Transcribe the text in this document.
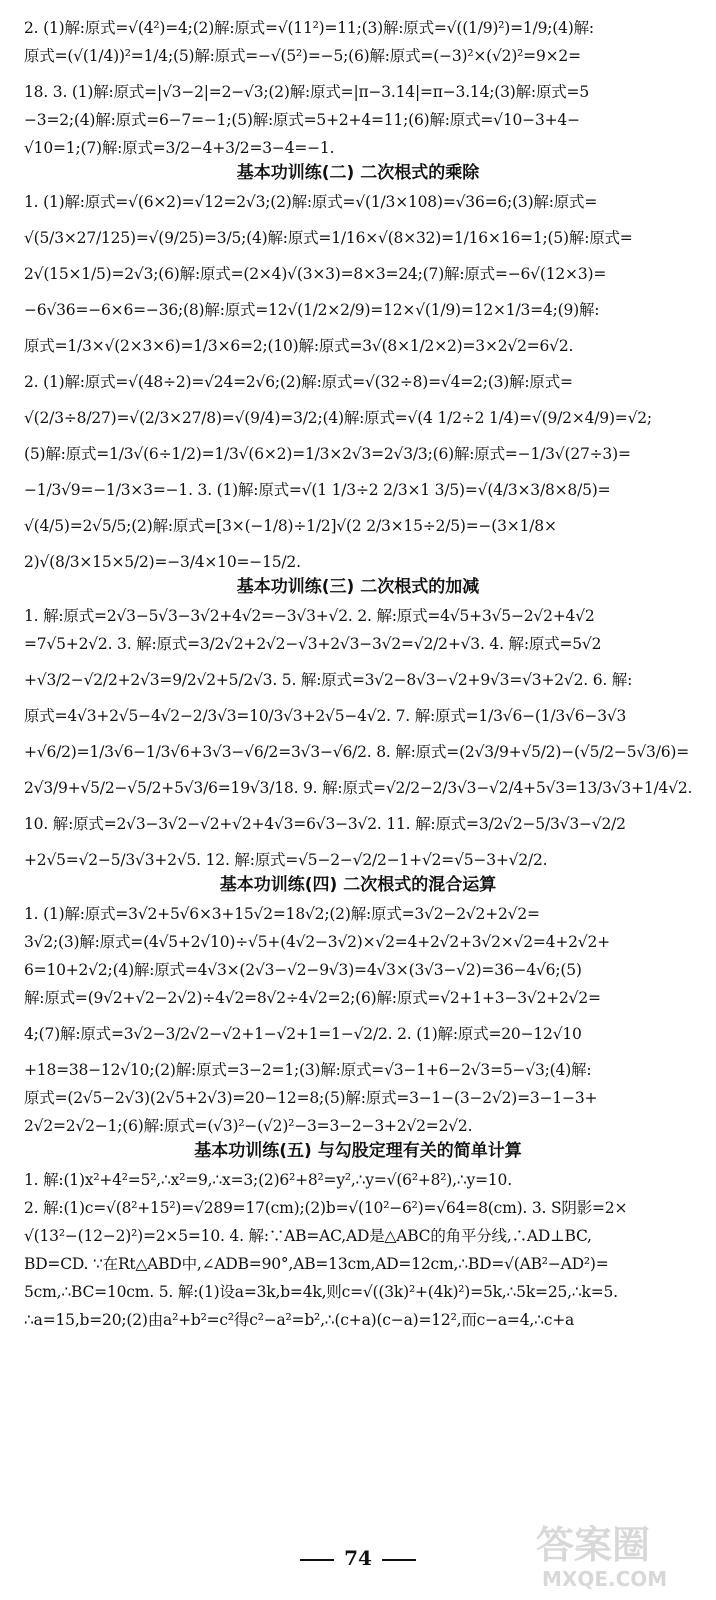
2. (1)解:原式=√(4²)=4;(2)解:原式=√(11²)=11;(3)解:原式=√((1/9)²)=1/9;(4)解:

原式=(√(1/4))²=1/4;(5)解:原式=−√(5²)=−5;(6)解:原式=(−3)²×(√2)²=9×2=

18. 3. (1)解:原式=|√3−2|=2−√3;(2)解:原式=|π−3.14|=π−3.14;(3)解:原式=5

−3=2;(4)解:原式=6−7=−1;(5)解:原式=5+2+4=11;(6)解:原式=√10−3+4−

√10=1;(7)解:原式=3/2−4+3/2=3−4=−1.

基本功训练(二) 二次根式的乘除

1. (1)解:原式=√(6×2)=√12=2√3;(2)解:原式=√(1/3×108)=√36=6;(3)解:原式=

√(5/3×27/125)=√(9/25)=3/5;(4)解:原式=1/16×√(8×32)=1/16×16=1;(5)解:原式=

2√(15×1/5)=2√3;(6)解:原式=(2×4)√(3×3)=8×3=24;(7)解:原式=−6√(12×3)=

−6√36=−6×6=−36;(8)解:原式=12√(1/2×2/9)=12×√(1/9)=12×1/3=4;(9)解:

原式=1/3×√(2×3×6)=1/3×6=2;(10)解:原式=3√(8×1/2×2)=3×2√2=6√2.

2. (1)解:原式=√(48÷2)=√24=2√6;(2)解:原式=√(32÷8)=√4=2;(3)解:原式=

√(2/3÷8/27)=√(2/3×27/8)=√(9/4)=3/2;(4)解:原式=√(4 1/2÷2 1/4)=√(9/2×4/9)=√2;

(5)解:原式=1/3√(6÷1/2)=1/3√(6×2)=1/3×2√3=2√3/3;(6)解:原式=−1/3√(27÷3)=

−1/3√9=−1/3×3=−1. 3. (1)解:原式=√(1 1/3÷2 2/3×1 3/5)=√(4/3×3/8×8/5)=

√(4/5)=2√5/5;(2)解:原式=[3×(−1/8)÷1/2]√(2 2/3×15÷2/5)=−(3×1/8×

2)√(8/3×15×5/2)=−3/4×10=−15/2.

基本功训练(三) 二次根式的加减

1. 解:原式=2√3−5√3−3√2+4√2=−3√3+√2. 2. 解:原式=4√5+3√5−2√2+4√2

=7√5+2√2. 3. 解:原式=3/2√2+2√2−√3+2√3−3√2=√2/2+√3. 4. 解:原式=5√2

+√3/2−√2/2+2√3=9/2√2+5/2√3. 5. 解:原式=3√2−8√3−√2+9√3=√3+2√2. 6. 解:

原式=4√3+2√5−4√2−2/3√3=10/3√3+2√5−4√2. 7. 解:原式=1/3√6−(1/3√6−3√3

+√6/2)=1/3√6−1/3√6+3√3−√6/2=3√3−√6/2. 8. 解:原式=(2√3/9+√5/2)−(√5/2−5√3/6)=

2√3/9+√5/2−√5/2+5√3/6=19√3/18. 9. 解:原式=√2/2−2/3√3−√2/4+5√3=13/3√3+1/4√2.

10. 解:原式=2√3−3√2−√2+√2+4√3=6√3−3√2. 11. 解:原式=3/2√2−5/3√3−√2/2

+2√5=√2−5/3√3+2√5. 12. 解:原式=√5−2−√2/2−1+√2=√5−3+√2/2.

基本功训练(四) 二次根式的混合运算

1. (1)解:原式=3√2+5√6×3+15√2=18√2;(2)解:原式=3√2−2√2+2√2=

3√2;(3)解:原式=(4√5+2√10)÷√5+(4√2−3√2)×√2=4+2√2+3√2×√2=4+2√2+

6=10+2√2;(4)解:原式=4√3×(2√3−√2−9√3)=4√3×(3√3−√2)=36−4√6;(5)

解:原式=(9√2+√2−2√2)÷4√2=8√2÷4√2=2;(6)解:原式=√2+1+3−3√2+2√2=

4;(7)解:原式=3√2−3/2√2−√2+1−√2+1=1−√2/2. 2. (1)解:原式=20−12√10

+18=38−12√10;(2)解:原式=3−2=1;(3)解:原式=√3−1+6−2√3=5−√3;(4)解:

原式=(2√5−2√3)(2√5+2√3)=20−12=8;(5)解:原式=3−1−(3−2√2)=3−1−3+

2√2=2√2−1;(6)解:原式=(√3)²−(√2)²−3=3−2−3+2√2=2√2.

基本功训练(五) 与勾股定理有关的简单计算

1. 解:(1)x²+4²=5²,∴x²=9,∴x=3;(2)6²+8²=y²,∴y=√(6²+8²),∴y=10.

2. 解:(1)c=√(8²+15²)=√289=17(cm);(2)b=√(10²−6²)=√64=8(cm). 3. S阴影=2×

√(13²−(12−2)²)=2×5=10. 4. 解:∵AB=AC,AD是△ABC的角平分线,∴AD⊥BC,

BD=CD. ∵在Rt△ABD中,∠ADB=90°,AB=13cm,AD=12cm,∴BD=√(AB²−AD²)=

5cm,∴BC=10cm. 5. 解:(1)设a=3k,b=4k,则c=√((3k)²+(4k)²)=5k,∴5k=25,∴k=5.

∴a=15,b=20;(2)由a²+b²=c²得c²−a²=b²,∴(c+a)(c−a)=12²,而c−a=4,∴c+a

74	答案圈
MXQE.COM
